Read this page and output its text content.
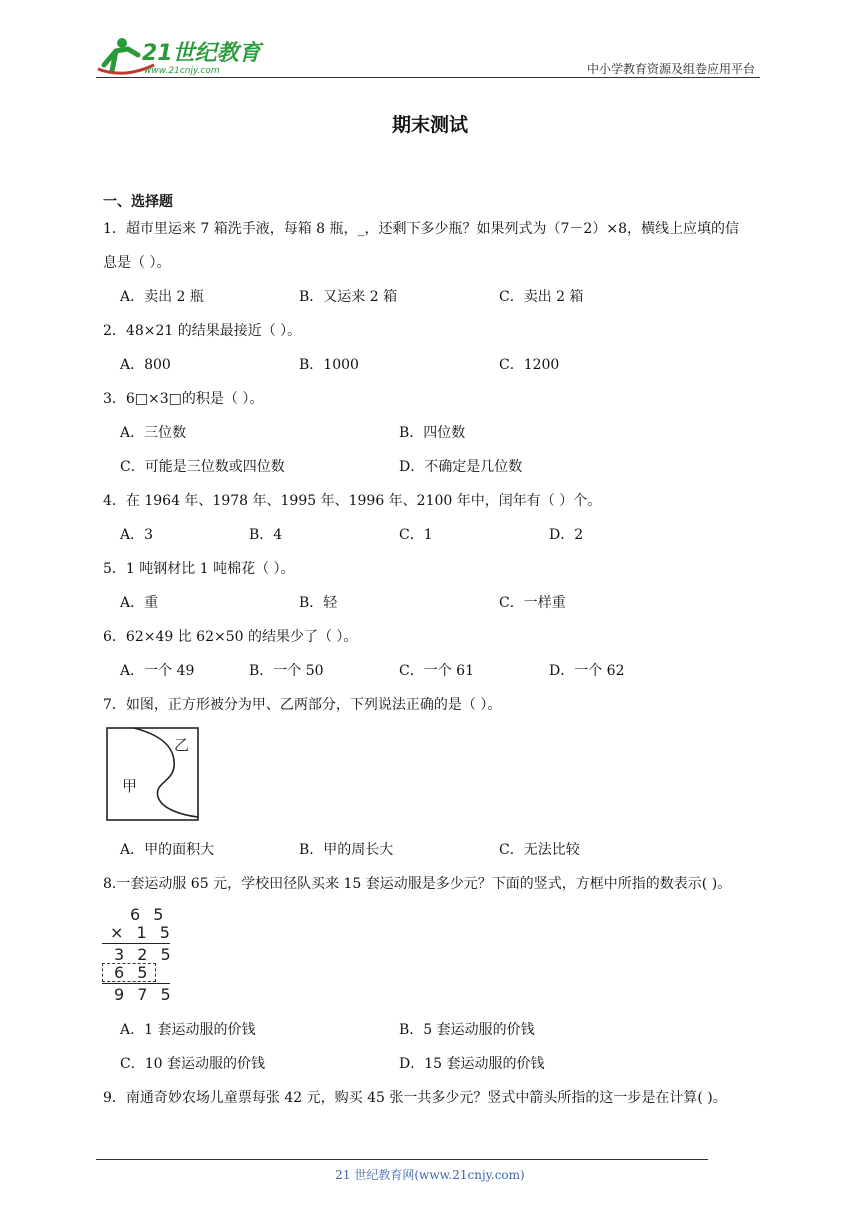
21世纪教育
www.21cnjy.com	中小学教育资源及组卷应用平台
期末测试
一、选择题
1．超市里运来 7 箱洗手液，每箱 8 瓶，_，还剩下多少瓶？如果列式为（7－2）×8，横线上应填的信
息是（ ）。
A．卖出 2 瓶	B．又运来 2 箱	C．卖出 2 箱
2．48×21 的结果最接近（ ）。
A．800	B．1000	C．1200
3．6□×3□的积是（ ）。
A．三位数	B．四位数
C．可能是三位数或四位数	D．不确定是几位数
4．在 1964 年、1978 年、1995 年、1996 年、2100 年中，闰年有（ ）个。
A．3	B．4	C．1	D．2
5．1 吨钢材比 1 吨棉花（ ）。
A．重	B．轻	C．一样重
6．62×49 比 62×50 的结果少了（ ）。
A．一个 49	B．一个 50	C．一个 61	D．一个 62
7．如图，正方形被分为甲、乙两部分，下列说法正确的是（ ）。
乙
甲
A．甲的面积大	B．甲的周长大	C．无法比较
8.一套运动服 65 元，学校田径队买来 15 套运动服是多少元？下面的竖式，方框中所指的数表示( )。
6 5
× 1 5
3 2 5
6 5
9 7 5
A．1 套运动服的价钱	B．5 套运动服的价钱
C．10 套运动服的价钱	D．15 套运动服的价钱
9．南通奇妙农场儿童票每张 42 元，购买 45 张一共多少元？竖式中箭头所指的这一步是在计算( )。
21 世纪教育网(www.21cnjy.com)
